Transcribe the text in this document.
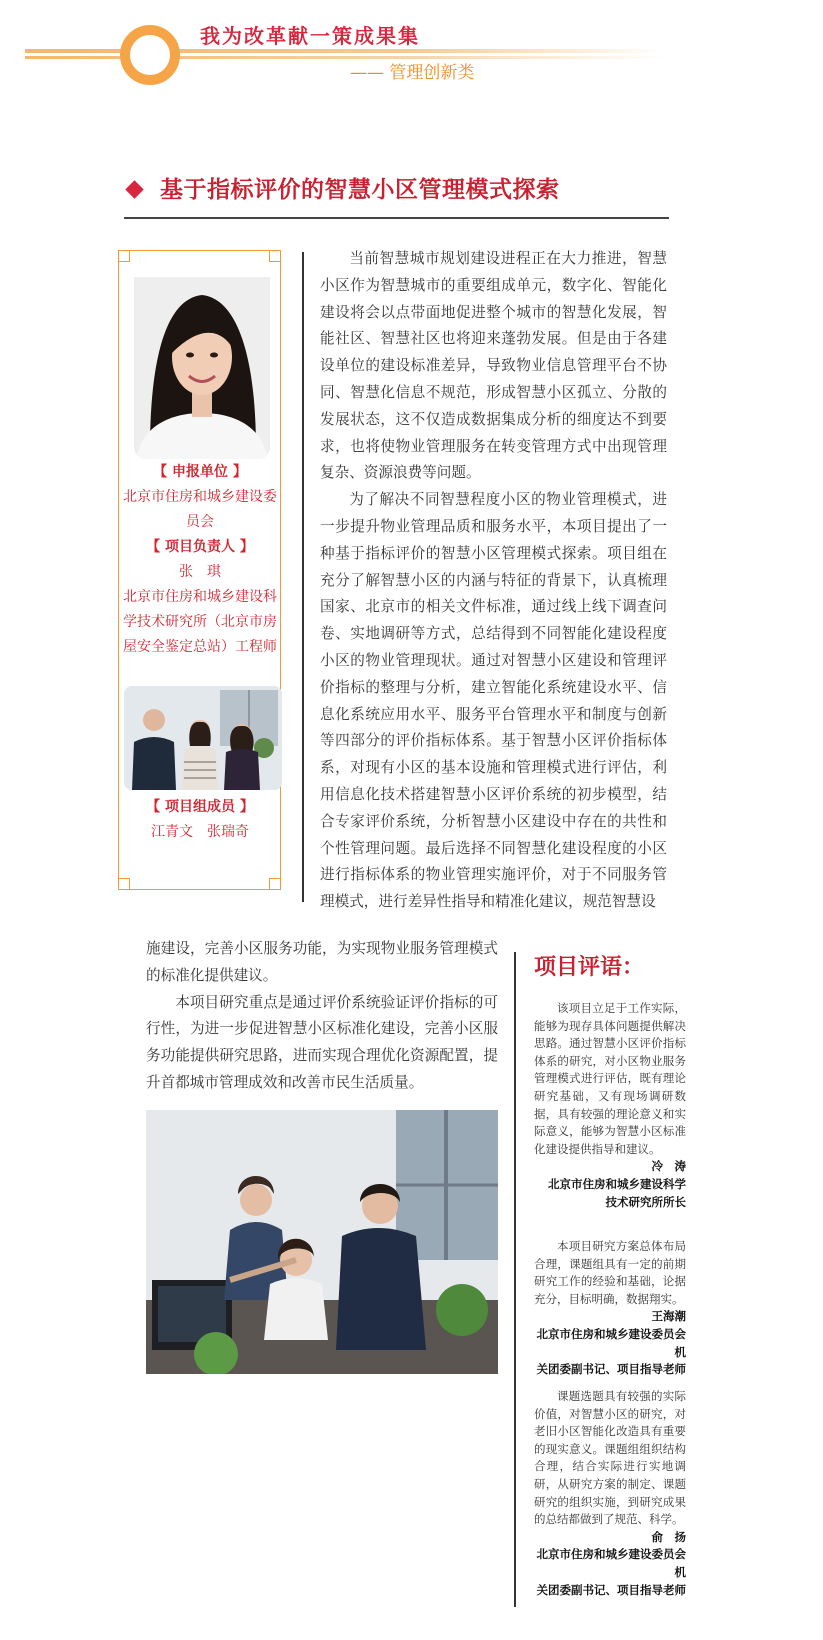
我为改革献一策成果集
—— 管理创新类
基于指标评价的智慧小区管理模式探索
【 申报单位 】
北京市住房和城乡建设委员会
【 项目负责人 】
张　琪
北京市住房和城乡建设科学技术研究所（北京市房屋安全鉴定总站）工程师
【 项目组成员 】
江青文　张瑞奇

当前智慧城市规划建设进程正在大力推进，智慧小区作为智慧城市的重要组成单元，数字化、智能化建设将会以点带面地促进整个城市的智慧化发展，智能社区、智慧社区也将迎来蓬勃发展。但是由于各建设单位的建设标准差异，导致物业信息管理平台不协同、智慧化信息不规范，形成智慧小区孤立、分散的发展状态，这不仅造成数据集成分析的细度达不到要求，也将使物业管理服务在转变管理方式中出现管理复杂、资源浪费等问题。

为了解决不同智慧程度小区的物业管理模式，进一步提升物业管理品质和服务水平，本项目提出了一种基于指标评价的智慧小区管理模式探索。项目组在充分了解智慧小区的内涵与特征的背景下，认真梳理国家、北京市的相关文件标准，通过线上线下调查问卷、实地调研等方式，总结得到不同智能化建设程度小区的物业管理现状。通过对智慧小区建设和管理评价指标的整理与分析，建立智能化系统建设水平、信息化系统应用水平、服务平台管理水平和制度与创新等四部分的评价指标体系。基于智慧小区评价指标体系，对现有小区的基本设施和管理模式进行评估，利用信息化技术搭建智慧小区评价系统的初步模型，结合专家评价系统，分析智慧小区建设中存在的共性和个性管理问题。最后选择不同智慧化建设程度的小区进行指标体系的物业管理实施评价，对于不同服务管理模式，进行差异性指导和精准化建议，规范智慧设

施建设，完善小区服务功能，为实现物业服务管理模式的标准化提供建议。

本项目研究重点是通过评价系统验证评价指标的可行性，为进一步促进智慧小区标准化建设，完善小区服务功能提供研究思路，进而实现合理优化资源配置，提升首都城市管理成效和改善市民生活质量。

项目评语：

该项目立足于工作实际，能够为现存具体问题提供解决思路。通过智慧小区评价指标体系的研究，对小区物业服务管理模式进行评估，既有理论研究基础，又有现场调研数据，具有较强的理论意义和实际意义，能够为智慧小区标准化建设提供指导和建议。

冷　涛

北京市住房和城乡建设科学

技术研究所所长

本项目研究方案总体布局合理，课题组具有一定的前期研究工作的经验和基础，论据充分，目标明确，数据翔实。

王海潮

北京市住房和城乡建设委员会机

关团委副书记、项目指导老师

课题选题具有较强的实际价值，对智慧小区的研究，对老旧小区智能化改造具有重要的现实意义。课题组组织结构合理，结合实际进行实地调研，从研究方案的制定、课题研究的组织实施，到研究成果的总结都做到了规范、科学。

俞　扬

北京市住房和城乡建设委员会机

关团委副书记、项目指导老师
